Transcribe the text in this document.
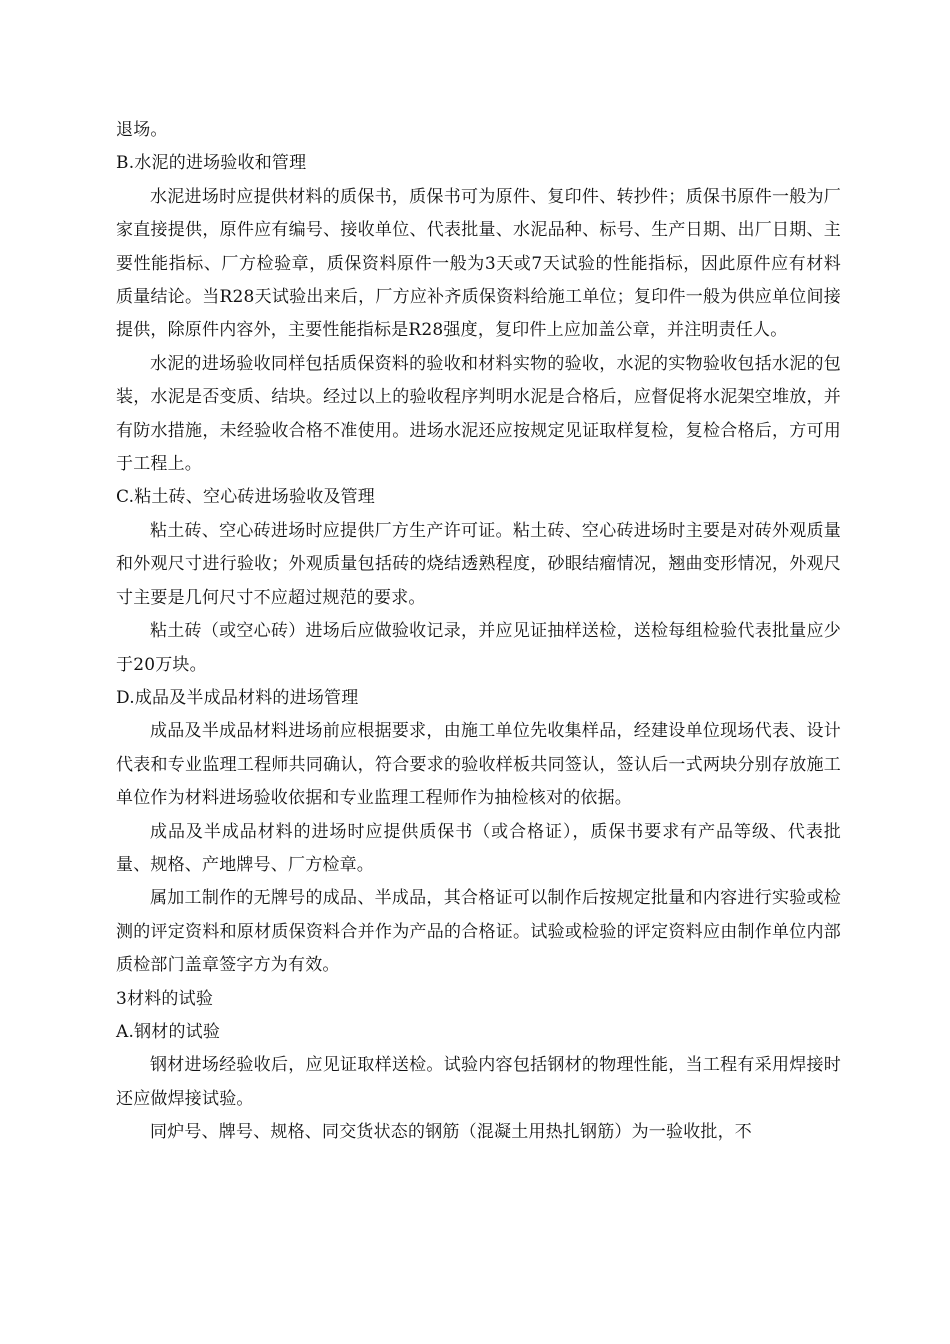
退场。

B.水泥的进场验收和管理

水泥进场时应提供材料的质保书，质保书可为原件、复印件、转抄件；质保书原件一般为厂家直接提供，原件应有编号、接收单位、代表批量、水泥品种、标号、生产日期、出厂日期、主要性能指标、厂方检验章，质保资料原件一般为3天或7天试验的性能指标，因此原件应有材料质量结论。当R28天试验出来后，厂方应补齐质保资料给施工单位；复印件一般为供应单位间接提供，除原件内容外，主要性能指标是R28强度，复印件上应加盖公章，并注明责任人。

水泥的进场验收同样包括质保资料的验收和材料实物的验收，水泥的实物验收包括水泥的包装，水泥是否变质、结块。经过以上的验收程序判明水泥是合格后，应督促将水泥架空堆放，并有防水措施，未经验收合格不准使用。进场水泥还应按规定见证取样复检，复检合格后，方可用于工程上。

C.粘土砖、空心砖进场验收及管理

粘土砖、空心砖进场时应提供厂方生产许可证。粘土砖、空心砖进场时主要是对砖外观质量和外观尺寸进行验收；外观质量包括砖的烧结透熟程度，砂眼结瘤情况，翘曲变形情况，外观尺寸主要是几何尺寸不应超过规范的要求。

粘土砖（或空心砖）进场后应做验收记录，并应见证抽样送检，送检每组检验代表批量应少于20万块。

D.成品及半成品材料的进场管理

成品及半成品材料进场前应根据要求，由施工单位先收集样品，经建设单位现场代表、设计代表和专业监理工程师共同确认，符合要求的验收样板共同签认，签认后一式两块分别存放施工单位作为材料进场验收依据和专业监理工程师作为抽检核对的依据。

成品及半成品材料的进场时应提供质保书（或合格证），质保书要求有产品等级、代表批量、规格、产地牌号、厂方检章。

属加工制作的无牌号的成品、半成品，其合格证可以制作后按规定批量和内容进行实验或检测的评定资料和原材质保资料合并作为产品的合格证。试验或检验的评定资料应由制作单位内部质检部门盖章签字方为有效。

3材料的试验

A.钢材的试验

钢材进场经验收后，应见证取样送检。试验内容包括钢材的物理性能，当工程有采用焊接时还应做焊接试验。

同炉号、牌号、规格、同交货状态的钢筋（混凝土用热扎钢筋）为一验收批，不
